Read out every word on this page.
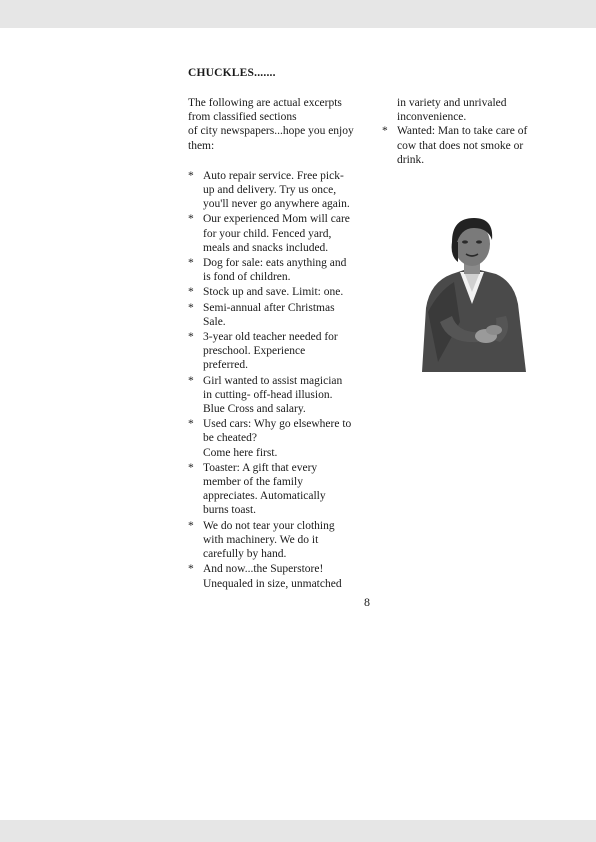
CHUCKLES.......
The following are actual excerpts
from classified sections
of city newspapers...hope you enjoy
them:
* Auto repair service. Free pick-
up and delivery. Try us once,
you'll never go anywhere again.
* Our experienced Mom will care
for your child. Fenced yard,
meals and snacks included.
* Dog for sale: eats anything and
is fond of children.
* Stock up and save. Limit: one.
* Semi-annual after Christmas
Sale.
* 3-year old teacher needed for
preschool. Experience
preferred.
* Girl wanted to assist magician
in cutting- off-head illusion.
Blue Cross and salary.
* Used cars: Why go elsewhere to
be cheated?
Come here first.
* Toaster: A gift that every
member of the family
appreciates. Automatically
burns toast.
* We do not tear your clothing
with machinery. We do it
carefully by hand.
* And now...the Superstore!
Unequaled in size, unmatched
in variety and unrivaled
inconvenience.
* Wanted: Man to take care of
cow that does not smoke or
drink.
8
